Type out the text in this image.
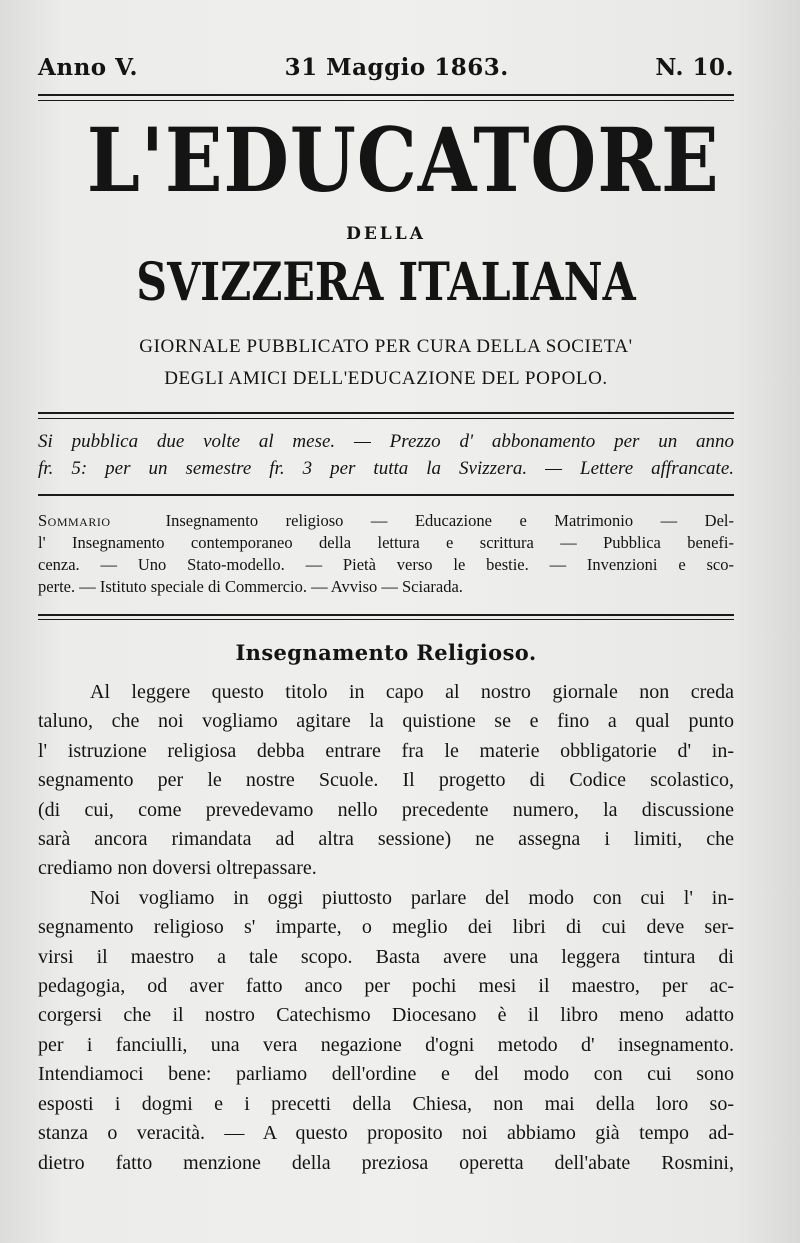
Anno V.	31 Maggio 1863.	N. 10.
L'EDUCATORE
DELLA
SVIZZERA ITALIANA
GIORNALE PUBBLICATO PER CURA DELLA SOCIETA'
DEGLI AMICI DELL'EDUCAZIONE DEL POPOLO.
Si pubblica due volte al mese. — Prezzo d' abbonamento per un anno
fr. 5: per un semestre fr. 3 per tutta la Svizzera. — Lettere affrancate.
Sommario	Insegnamento religioso — Educazione e Matrimonio — Del-
l' Insegnamento contemporaneo della lettura e scrittura — Pubblica benefi-
cenza. — Uno Stato-modello. — Pietà verso le bestie. — Invenzioni e sco-
perte. — Istituto speciale di Commercio. — Avviso — Sciarada.
Insegnamento Religioso.
Al leggere questo titolo in capo al nostro giornale non creda
taluno, che noi vogliamo agitare la quistione se e fino a qual punto
l' istruzione religiosa debba entrare fra le materie obbligatorie d' in-
segnamento per le nostre Scuole. Il progetto di Codice scolastico,
(di cui, come prevedevamo nello precedente numero, la discussione
sarà ancora rimandata ad altra sessione) ne assegna i limiti, che
crediamo non doversi oltrepassare.
Noi vogliamo in oggi piuttosto parlare del modo con cui l' in-
segnamento religioso s' imparte, o meglio dei libri di cui deve ser-
virsi il maestro a tale scopo. Basta avere una leggera tintura di
pedagogia, od aver fatto anco per pochi mesi il maestro, per ac-
corgersi che il nostro Catechismo Diocesano è il libro meno adatto
per i fanciulli, una vera negazione d'ogni metodo d' insegnamento.
Intendiamoci bene: parliamo dell'ordine e del modo con cui sono
esposti i dogmi e i precetti della Chiesa, non mai della loro so-
stanza o veracità. — A questo proposito noi abbiamo già tempo ad-
dietro fatto menzione della preziosa operetta dell'abate Rosmini,
